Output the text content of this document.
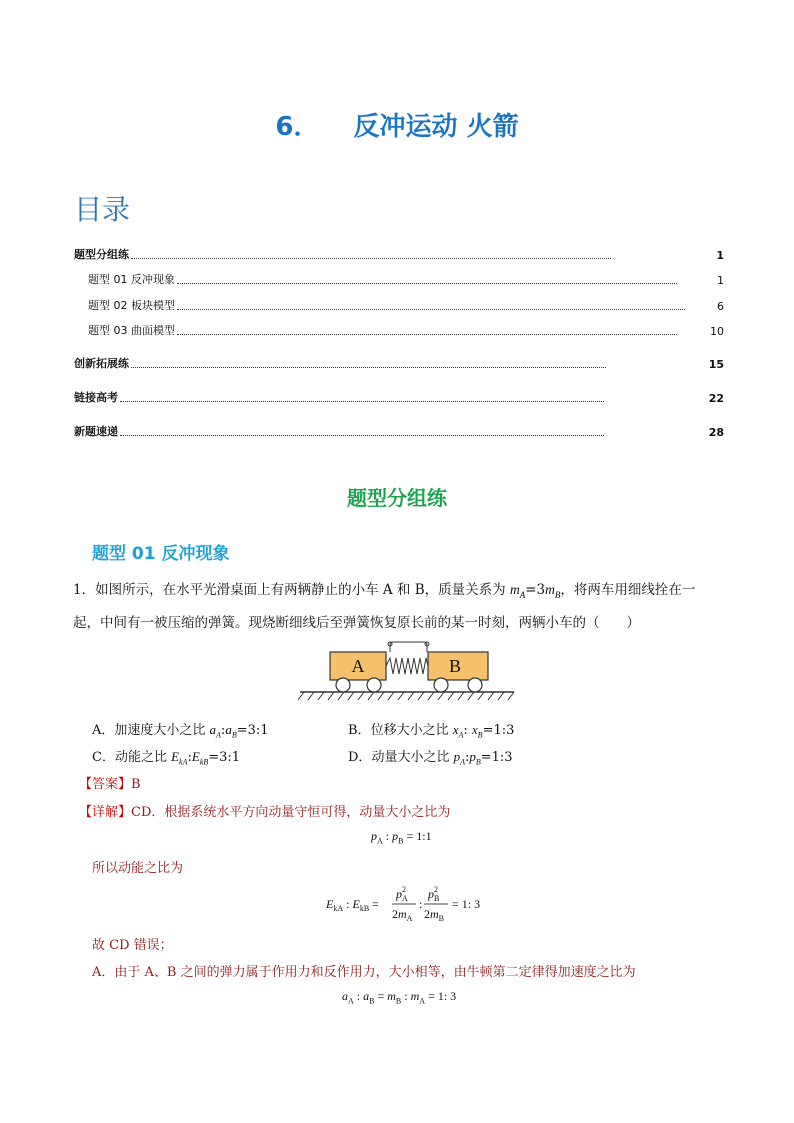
6． 反冲运动 火箭
目录
题型分组练	1
题型 01 反冲现象	1
题型 02 板块模型	6
题型 03 曲面模型	10
创新拓展练	15
链接高考	22
新题速递	28
题型分组练
题型 01 反冲现象
1．如图所示，在水平光滑桌面上有两辆静止的小车 A 和 B，质量关系为 $m_A=3m_B$，将两车用细线拴在一起，中间有一被压缩的弹簧。现烧断细线后至弹簧恢复原长前的某一时刻，两辆小车的（　　）
A	B
A．加速度大小之比 $a_A:a_B=3:1$	B．位移大小之比 $x_A$: $x_B=1:3$
C．动能之比 $E_{kA}:E_{kB}=3:1$	D．动量大小之比 $p_A:p_B=1:3$
【答案】B
【详解】CD．根据系统水平方向动量守恒可得，动量大小之比为
$p_A$ : $p_B$ = 1:1
所以动能之比为
$E_{kA}$ : $E_{kB}$ =
p 2
A
$2m_A$
:
p 2
B
$2m_B$
= 1: 3
故 CD 错误；
A．由于 A、B 之间的弹力属于作用力和反作用力，大小相等，由牛顿第二定律得加速度之比为
$a_A$ : $a_B = m_B$ : $m_A = 1$: 3
